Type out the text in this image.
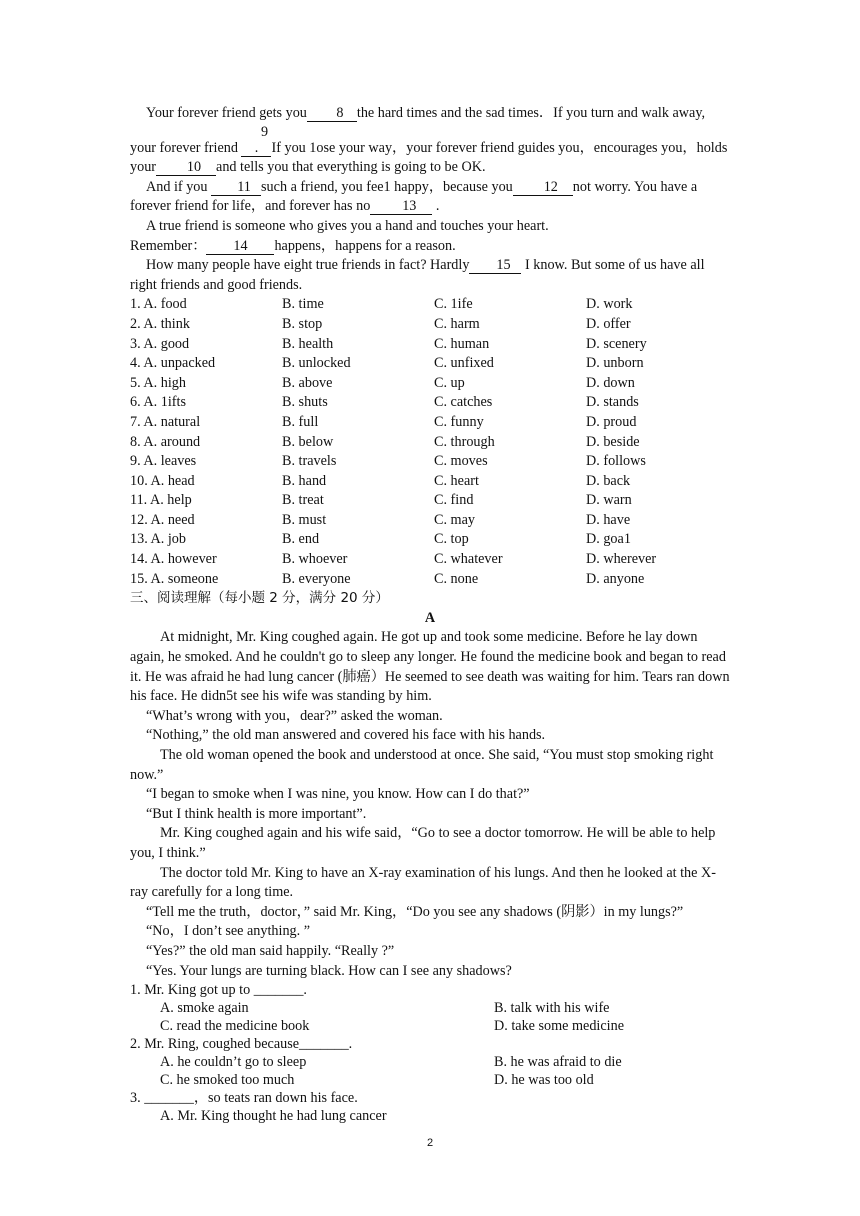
Your forever friend gets you 8 the hard times and the sad times．If you turn and walk away, your forever friend 9 . If you 1ose your way，your forever friend guides you，encourages you，holds your 10 and tells you that everything is going to be OK.

And if you 11 such a friend, you fee1 happy，because you 12 not worry. You have a forever friend for life，and forever has no 13 .

A true friend is someone who gives you a hand and touches your heart.

Remember： 14 happens，happens for a reason.

How many people have eight true friends in fact? Hardly 15 I know. But some of us have all right friends and good friends.

1. A. food	B. time	C. 1ife	D. work
2. A. think	B. stop	C. harm	D. offer
3. A. good	B. health	C. human	D. scenery
4. A. unpacked	B. unlocked	C. unfixed	D. unborn
5. A. high	B. above	C. up	D. down
6. A. 1ifts	B. shuts	C. catches	D. stands
7. A. natural	B. full	C. funny	D. proud
8. A. around	B. below	C. through	D. beside
9. A. leaves	B. travels	C. moves	D. follows
10. A. head	B. hand	C. heart	D. back
11. A. help	B. treat	C. find	D. warn
12. A. need	B. must	C. may	D. have
13. A. job	B. end	C. top	D. goa1
14. A. however	B. whoever	C. whatever	D. wherever
15. A. someone	B. everyone	C. none	D. anyone

三、阅读理解（每小题 2 分，满分 20 分）

A

At midnight, Mr. King coughed again. He got up and took some medicine. Before he lay down again, he smoked. And he couldn't go to sleep any longer. He found the medicine book and began to read it. He was afraid he had lung cancer (肺癌）He seemed to see death was waiting for him. Tears ran down his face. He didn5t see his wife was standing by him.

“What’s wrong with you，dear?” asked the woman.

“Nothing,” the old man answered and covered his face with his hands.

The old woman opened the book and understood at once. She said, “You must stop smoking right now.”

“I began to smoke when I was nine, you know. How can I do that?”

“But I think health is more important”.

Mr. King coughed again and his wife said，“Go to see a doctor tomorrow. He will be able to help you, I think.”

The doctor told Mr. King to have an X-ray examination of his lungs. And then he looked at the X-ray carefully for a long time.

“Tell me the truth，doctor，” said Mr. King，“Do you see any shadows (阴影）in my lungs?”

“No，I don’t see anything. ”

“Yes?” the old man said happily. “Really ?”

“Yes. Your lungs are turning black. How can I see any shadows?

1. Mr. King got up to _______.

A. smoke again	B. talk with his wife
C. read the medicine book	D. take some medicine

2. Mr. Ring, coughed because_______.

A. he couldn’t go to sleep	B. he was afraid to die
C. he smoked too much	D. he was too old

3. _______，so teats ran down his face.

A. Mr. King thought he had lung cancer
2
